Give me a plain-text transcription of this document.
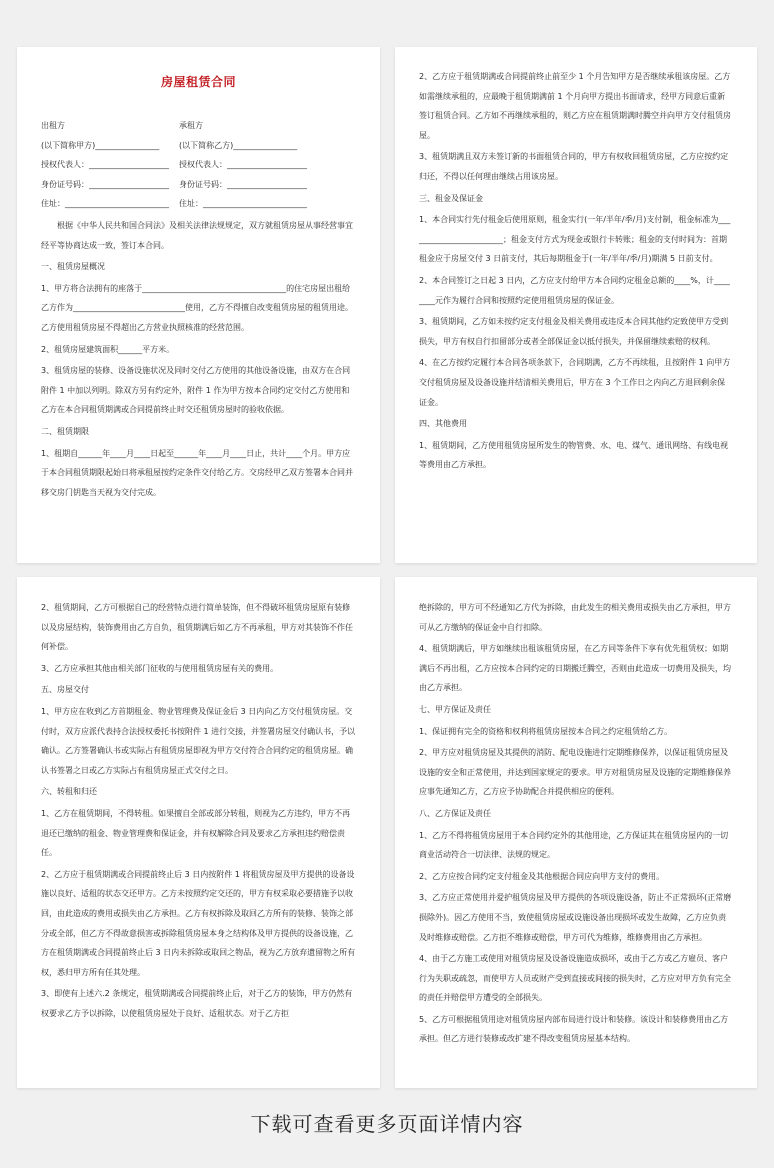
房屋租赁合同
出租方	承租方
(以下简称甲方)________________	(以下简称乙方)________________
授权代表人：____________________	授权代表人：____________________
身份证号码：____________________	身份证号码：____________________
住址：__________________________	住址：__________________________
根据《中华人民共和国合同法》及相关法律法规规定，双方就租赁房屋从事经营事宜经平等协商达成一致，签订本合同。
一、租赁房屋概况
1、甲方将合法拥有的座落于____________________________________的住宅房屋出租给乙方作为____________________________使用，乙方不得擅自改变租赁房屋的租赁用途。乙方使用租赁房屋不得超出乙方营业执照核准的经营范围。
2、租赁房屋建筑面积______平方米。
3、租赁房屋的装修、设备设施状况及同时交付乙方使用的其他设备设施，由双方在合同附件 1 中加以列明。除双方另有约定外，附件 1 作为甲方按本合同约定交付乙方使用和乙方在本合同租赁期满或合同提前终止时交还租赁房屋时的验收依据。
二、租赁期限
1、租期自______年____月____日起至______年____月____日止，共计____个月。甲方应于本合同租赁期限起始日将承租屋按约定条件交付给乙方。交房经甲乙双方签署本合同并移交房门钥匙当天视为交付完成。
2、乙方应于租赁期满或合同提前终止前至少 1 个月告知甲方是否继续承租该房屋。乙方如需继续承租的，应最晚于租赁期满前 1 个月向甲方提出书面请求，经甲方同意后重新签订租赁合同。乙方如不再继续承租的，则乙方应在租赁期满时腾空并向甲方交付租赁房屋。
3、租赁期满且双方未签订新的书面租赁合同的，甲方有权收回租赁房屋，乙方应按约定归还，不得以任何理由继续占用该房屋。
三、租金及保证金
1、本合同实行先付租金后使用原则，租金实行(一年/半年/季/月)支付制，租金标准为________________________；租金支付方式为现金或银行卡转账；租金的支付时间为：首期租金应于房屋交付 3 日前支付，其后每期租金于(一年/半年/季/月)期满 5 日前支付。
2、本合同签订之日起 3 日内，乙方应支付给甲方本合同约定租金总额的____%，计________元作为履行合同和按照约定使用租赁房屋的保证金。
3、租赁期间，乙方如未按约定支付租金及相关费用或违反本合同其他约定致使甲方受到损失，甲方有权自行扣留部分或者全部保证金以抵付损失，并保留继续索赔的权利。
4、在乙方按约定履行本合同各项条款下，合同期满，乙方不再续租，且按附件 1 向甲方交付租赁房屋及设备设施并结清相关费用后，甲方在 3 个工作日之内向乙方退回剩余保证金。
四、其他费用
1、租赁期间，乙方使用租赁房屋所发生的物管费、水、电、煤气、通讯网络、有线电视等费用由乙方承担。
2、租赁期间，乙方可根据自己的经营特点进行简单装饰，但不得破坏租赁房屋原有装修以及房屋结构，装饰费用由乙方自负，租赁期满后如乙方不再承租，甲方对其装饰不作任何补偿。
3、乙方应承担其他由相关部门征收的与使用租赁房屋有关的费用。
五、房屋交付
1、甲方应在收到乙方首期租金、物业管理费及保证金后 3 日内向乙方交付租赁房屋。交付时，双方应派代表持合法授权委托书按附件 1 进行交接，并签署房屋交付确认书，予以确认。乙方签署确认书或实际占有租赁房屋即视为甲方交付符合合同约定的租赁房屋。确认书签署之日或乙方实际占有租赁房屋正式交付之日。
六、转租和归还
1、乙方在租赁期间，不得转租。如果擅自全部或部分转租，则视为乙方违约，甲方不再退还已缴纳的租金、物业管理费和保证金，并有权解除合同及要求乙方承担违约赔偿责任。
2、乙方应于租赁期满或合同提前终止后 3 日内按附件 1 将租赁房屋及甲方提供的设备设施以良好、适租的状态交还甲方。乙方未按照约定交还的，甲方有权采取必要措施予以收回，由此造成的费用或损失由乙方承担。乙方有权拆除及取回乙方所有的装修、装饰之部分或全部，但乙方不得故意损害或拆除租赁房屋本身之结构体及甲方提供的设备设施，乙方在租赁期满或合同提前终止后 3 日内未拆除或取回之物品，视为乙方放弃遗留物之所有权，悉归甲方所有任其处理。
3、即使有上述六.2 条规定，租赁期满或合同提前终止后，对于乙方的装饰，甲方仍然有权要求乙方予以拆除，以使租赁房屋处于良好、适租状态。对于乙方拒
绝拆除的，甲方可不经通知乙方代为拆除，由此发生的相关费用或损失由乙方承担，甲方可从乙方缴纳的保证金中自行扣除。
4、租赁期满后，甲方如继续出租该租赁房屋，在乙方同等条件下享有优先租赁权；如期满后不再出租，乙方应按本合同约定的日期搬迁腾空，否则由此造成一切费用及损失，均由乙方承担。
七、甲方保证及责任
1、保证拥有完全的资格和权利将租赁房屋按本合同之约定租赁给乙方。
2、甲方应对租赁房屋及其提供的消防、配电设施进行定期维修保养，以保证租赁房屋及设施的安全和正常使用，并达到国家规定的要求。甲方对租赁房屋及设施的定期维修保养应事先通知乙方，乙方应予协助配合并提供相应的便利。
八、乙方保证及责任
1、乙方不得将租赁房屋用于本合同约定外的其他用途，乙方保证其在租赁房屋内的一切商业活动符合一切法律、法规的规定。
2、乙方应按合同约定支付租金及其他根据合同应向甲方支付的费用。
3、乙方应正常使用并爱护租赁房屋及甲方提供的各项设施设备，防止不正常损坏(正常磨损除外)。因乙方使用不当，致使租赁房屋或设施设备出现损坏或发生故障，乙方应负责及时维修或赔偿。乙方拒不维修或赔偿，甲方可代为维修，维修费用由乙方承担。
4、由于乙方施工或使用对租赁房屋及设备设施造成损坏，或由于乙方或乙方雇员、客户行为失职或疏忽，而使甲方人员或财产受到直接或间接的损失时，乙方应对甲方负有完全的责任并赔偿甲方遭受的全部损失。
5、乙方可根据租赁用途对租赁房屋内部布局进行设计和装修。该设计和装修费用由乙方承担。但乙方进行装修或改扩建不得改变租赁房屋基本结构。
下载可查看更多页面详情内容
